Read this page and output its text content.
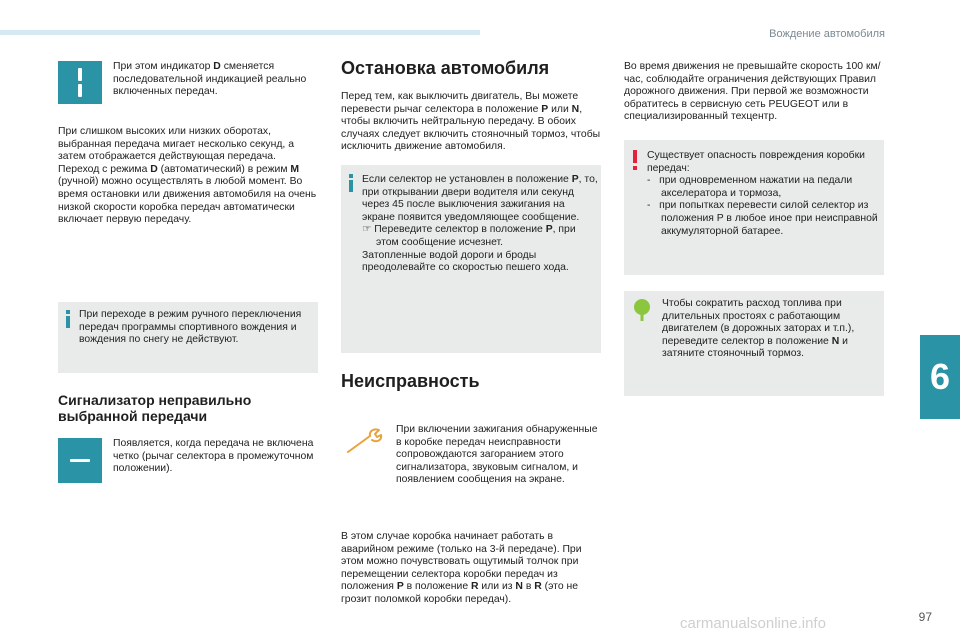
Вождение автомобиля
При этом индикатор D сменяется последовательной индикацией реально включенных передач.
При слишком высоких или низких оборотах, выбранная передача мигает несколько секунд, а затем отображается действующая передача. Переход с режима D (автоматический) в режим M (ручной) можно осуществлять в любой момент. Во время остановки или движения автомобиля на очень низкой скорости коробка передач автоматически включает первую передачу.
При переходе в режим ручного переключения передач программы спортивного вождения и вождения по снегу не действуют.
Сигнализатор неправильно выбранной передачи
Появляется, когда передача не включена четко (рычаг селектора в промежуточном положении).
Остановка автомобиля
Перед тем, как выключить двигатель, Вы можете перевести рычаг селектора в положение P или N, чтобы включить нейтральную передачу. В обоих случаях следует включить стояночный тормоз, чтобы исключить движение автомобиля.
Если селектор не установлен в положение P, то, при открывании двери водителя или секунд через 45 после выключения зажигания на экране появится уведомляющее сообщение.

☞ Переведите селектор в положение P, при этом сообщение исчезнет.
Затопленные водой дороги и броды преодолевайте со скоростью пешего хода.
Неисправность
При включении зажигания обнаруженные в коробке передач неисправности сопровождаются загоранием этого сигнализатора, звуковым сигналом, и появлением сообщения на экране.
В этом случае коробка начинает работать в аварийном режиме (только на 3-й передаче). При этом можно почувствовать ощутимый толчок при перемещении селектора коробки передач из положения P в положение R или из N в R (это не грозит поломкой коробки передач).
Во время движения не превышайте скорость 100 км/час, соблюдайте ограничения действующих Правил дорожного движения. При первой же возможности обратитесь в сервисную сеть PEUGEOT или в специализированный техцентр.
Существует опасность повреждения коробки передач:
-   при одновременном нажатии на педали акселератора и тормоза,
-   при попытках перевести силой селектор из положения P в любое иное при неисправной аккумуляторной батарее.
Чтобы сократить расход топлива при длительных простоях с работающим двигателем (в дорожных заторах и т.п.), переведите селектор в положение N и затяните стояночный тормоз.
6
97
carmanualsonline.info
